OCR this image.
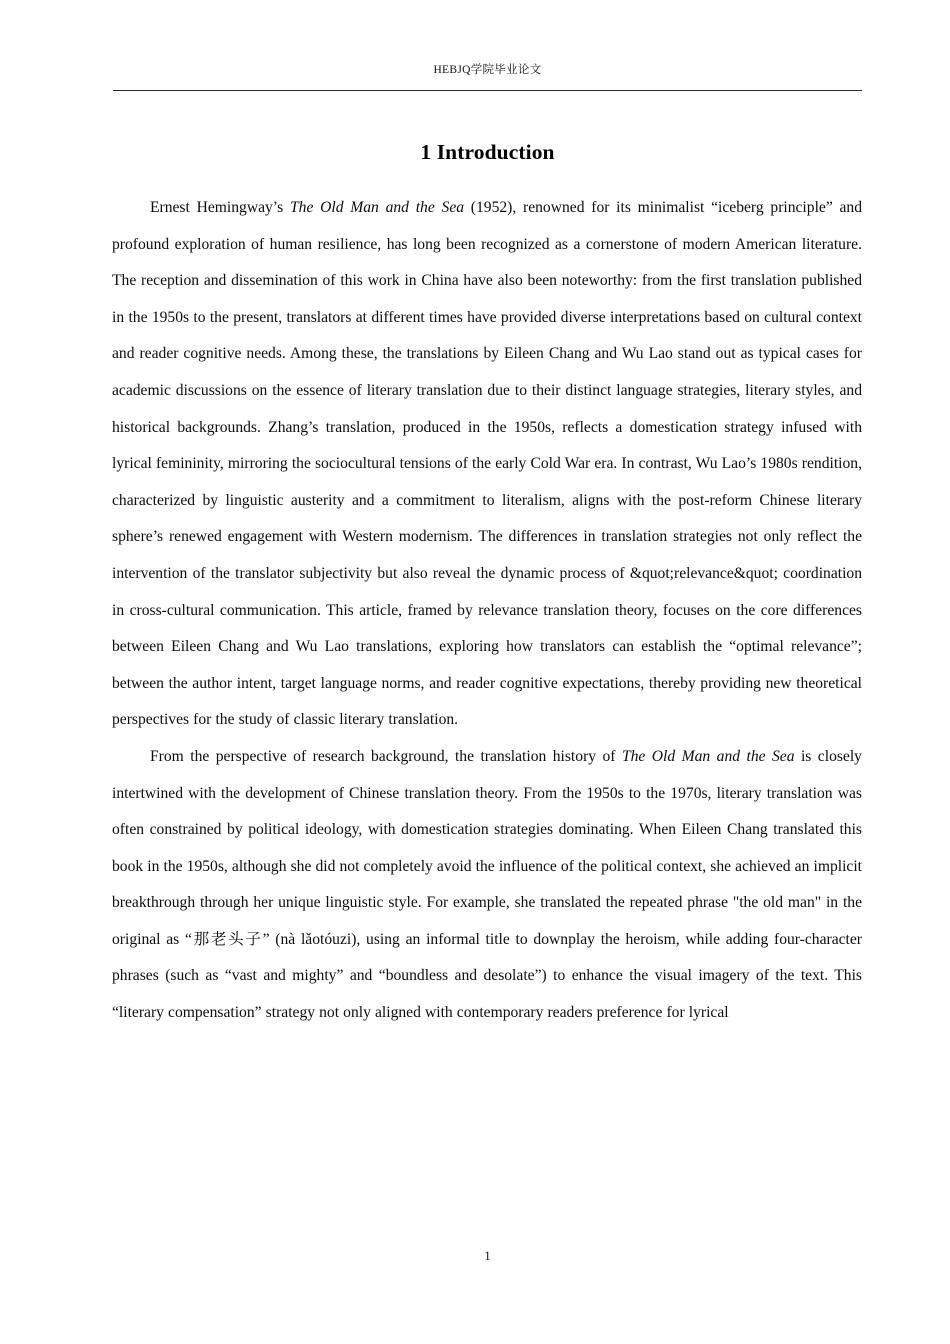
HEBJQ学院毕业论文
1 Introduction

Ernest Hemingway’s The Old Man and the Sea (1952), renowned for its minimalist “iceberg principle” and profound exploration of human resilience, has long been recognized as a cornerstone of modern American literature. The reception and dissemination of this work in China have also been noteworthy: from the first translation published in the 1950s to the present, translators at different times have provided diverse interpretations based on cultural context and reader cognitive needs. Among these, the translations by Eileen Chang and Wu Lao stand out as typical cases for academic discussions on the essence of literary translation due to their distinct language strategies, literary styles, and historical backgrounds. Zhang’s translation, produced in the 1950s, reflects a domestication strategy infused with lyrical femininity, mirroring the sociocultural tensions of the early Cold War era. In contrast, Wu Lao’s 1980s rendition, characterized by linguistic austerity and a commitment to literalism, aligns with the post-reform Chinese literary sphere’s renewed engagement with Western modernism. The differences in translation strategies not only reflect the intervention of the translator subjectivity but also reveal the dynamic process of &quot;relevance&quot; coordination in cross-cultural communication. This article, framed by relevance translation theory, focuses on the core differences between Eileen Chang and Wu Lao translations, exploring how translators can establish the “optimal relevance”; between the author intent, target language norms, and reader cognitive expectations, thereby providing new theoretical perspectives for the study of classic literary translation.

From the perspective of research background, the translation history of The Old Man and the Sea is closely intertwined with the development of Chinese translation theory. From the 1950s to the 1970s, literary translation was often constrained by political ideology, with domestication strategies dominating. When Eileen Chang translated this book in the 1950s, although she did not completely avoid the influence of the political context, she achieved an implicit breakthrough through her unique linguistic style. For example, she translated the repeated phrase "the old man" in the original as “那老头子” (nà lǎotóuzi), using an informal title to downplay the heroism, while adding four-character phrases (such as “vast and mighty” and “boundless and desolate”) to enhance the visual imagery of the text. This “literary compensation” strategy not only aligned with contemporary readers preference for lyrical

1
